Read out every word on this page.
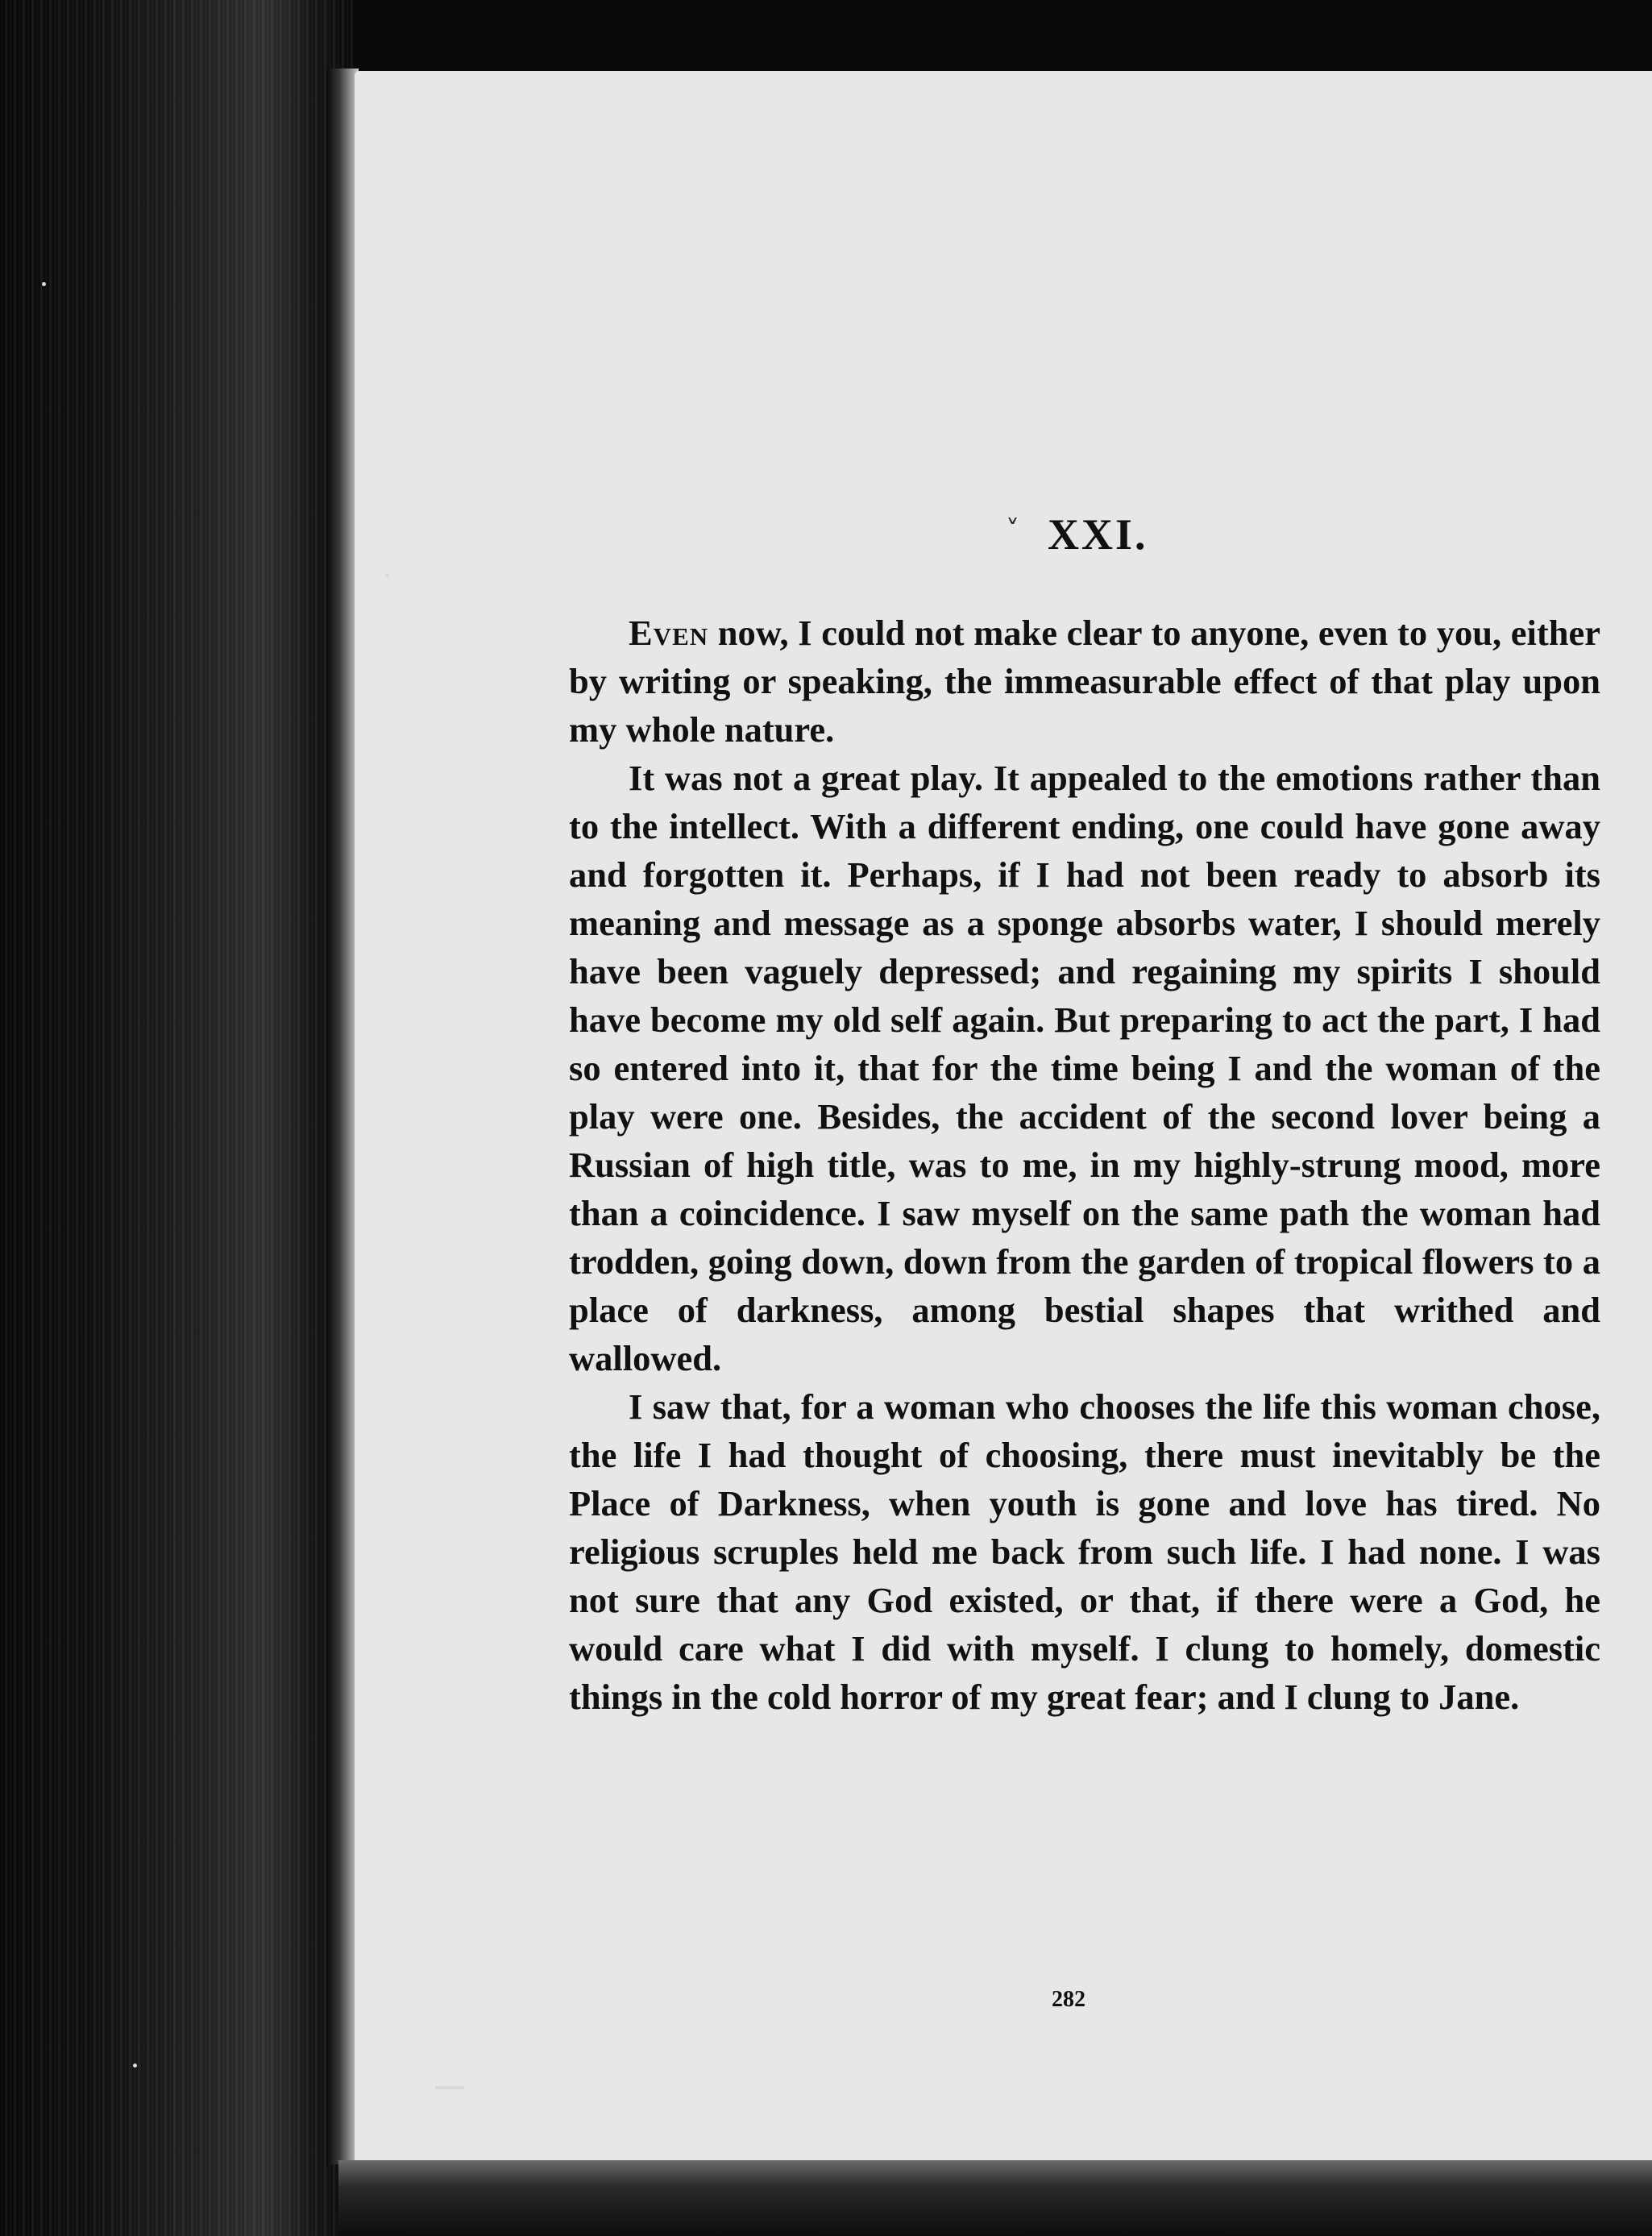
˅ XXI.

Even now, I could not make clear to anyone, even to you, either by writing or speaking, the immeasurable effect of that play upon my whole nature.

It was not a great play. It appealed to the emotions rather than to the intellect. With a different ending, one could have gone away and forgotten it. Perhaps, if I had not been ready to absorb its meaning and message as a sponge absorbs water, I should merely have been vaguely depressed; and regaining my spirits I should have become my old self again. But preparing to act the part, I had so entered into it, that for the time being I and the woman of the play were one. Besides, the accident of the second lover being a Russian of high title, was to me, in my highly-strung mood, more than a coincidence. I saw myself on the same path the woman had trodden, going down, down from the garden of tropical flowers to a place of darkness, among bestial shapes that writhed and wallowed.

I saw that, for a woman who chooses the life this woman chose, the life I had thought of choosing, there must inevitably be the Place of Darkness, when youth is gone and love has tired. No religious scruples held me back from such life. I had none. I was not sure that any God existed, or that, if there were a God, he would care what I did with myself. I clung to homely, domestic things in the cold horror of my great fear; and I clung to Jane.

282
